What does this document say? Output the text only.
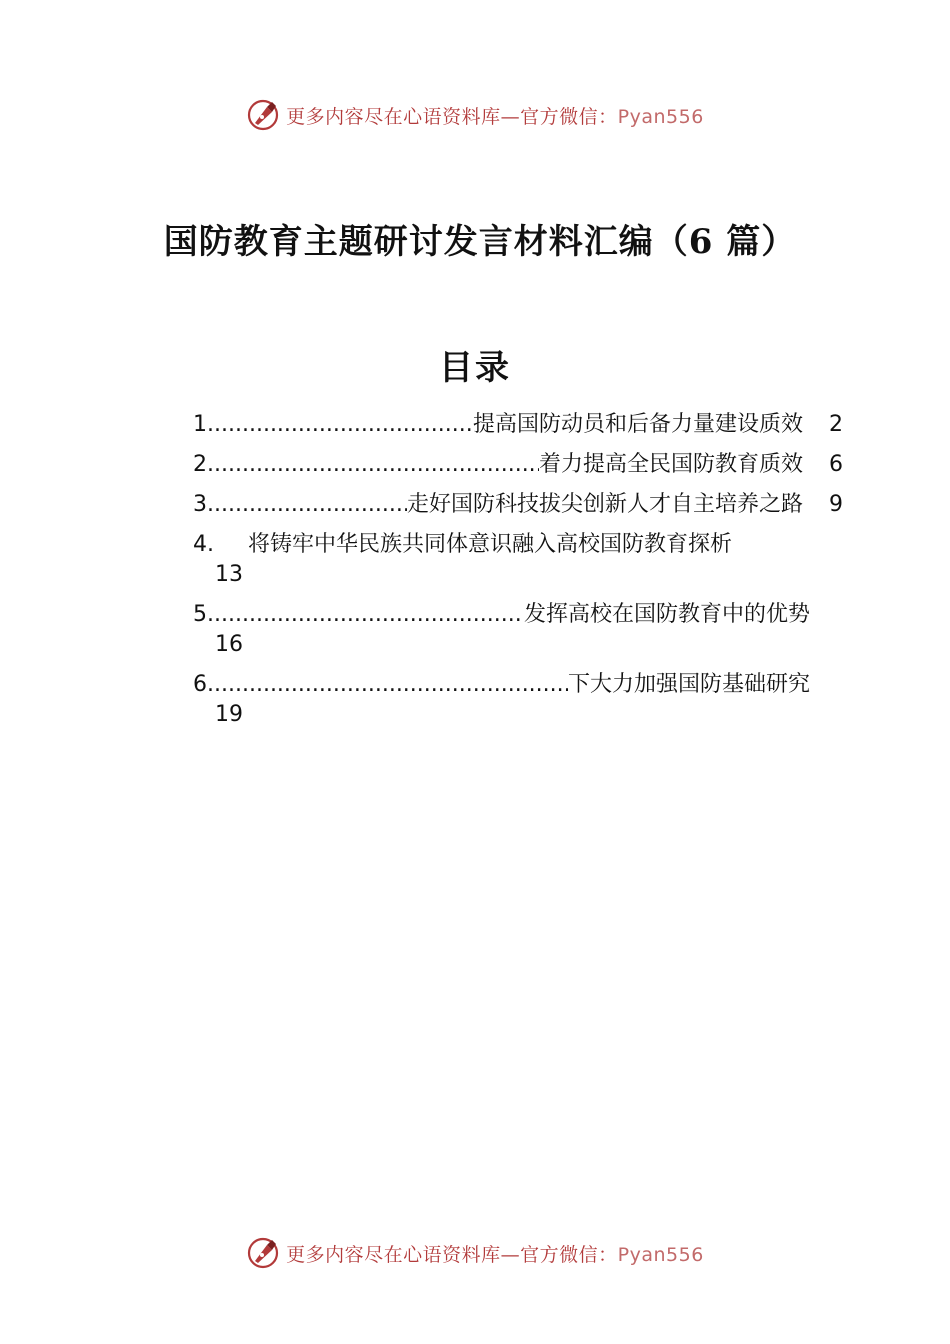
更多内容尽在心语资料库—官方微信：Pyan556
国防教育主题研讨发言材料汇编（6 篇）
目录
1 .....	提高国防动员和后备力量建设质效	2
2 .....	着力提高全民国防教育质效	6
3 .....	走好国防科技拔尖创新人才自主培养之路	9
4.	将铸牢中华民族共同体意识融入高校国防教育探析
13
5 .....	发挥高校在国防教育中的优势
16
6 .....	下大力加强国防基础研究
19
更多内容尽在心语资料库—官方微信：Pyan556
